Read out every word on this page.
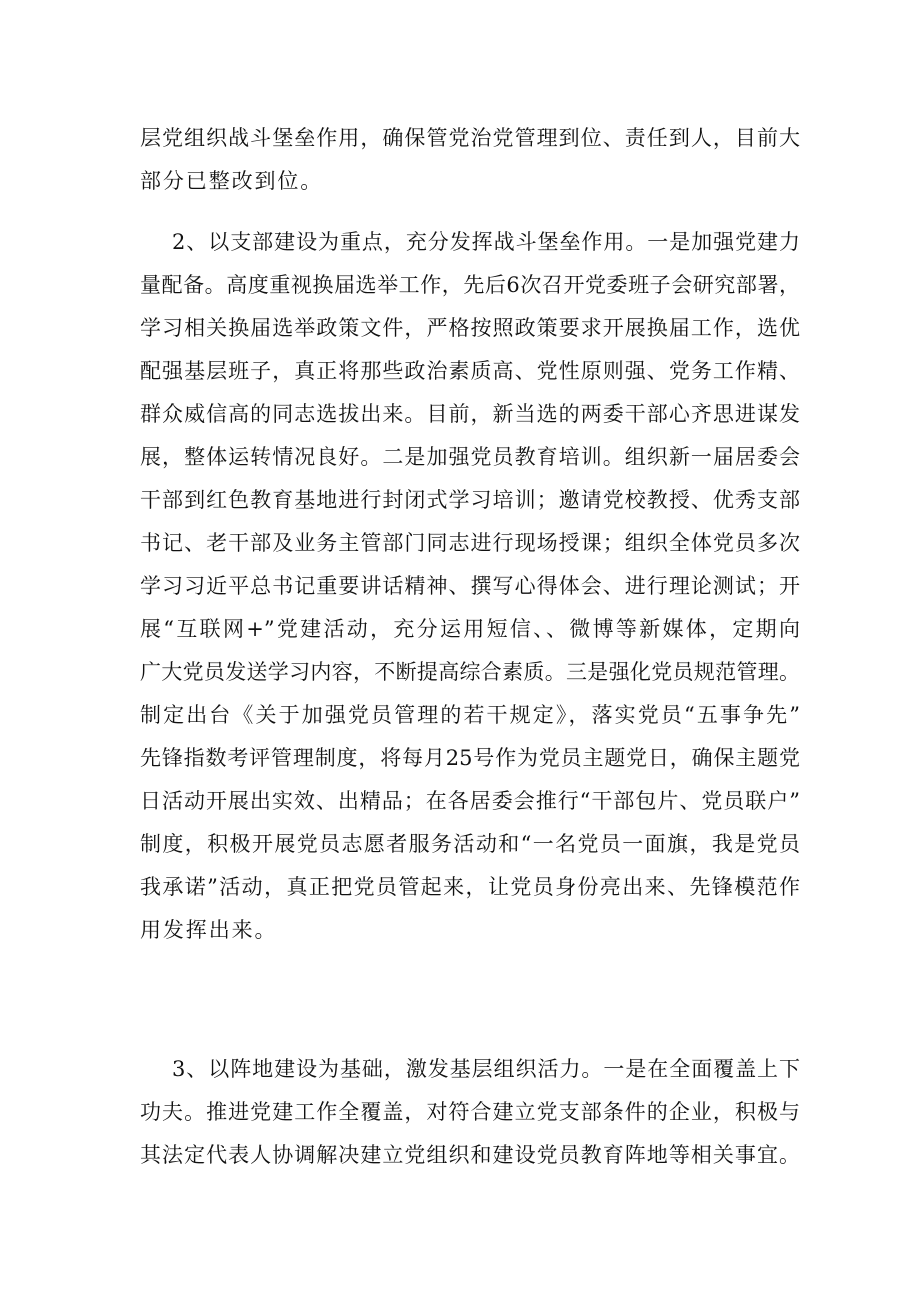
层党组织战斗堡垒作用，确保管党治党管理到位、责任到人，目前大
部分已整改到位。
2、以支部建设为重点，充分发挥战斗堡垒作用。一是加强党建力
量配备。高度重视换届选举工作，先后6次召开党委班子会研究部署，
学习相关换届选举政策文件，严格按照政策要求开展换届工作，选优
配强基层班子，真正将那些政治素质高、党性原则强、党务工作精、
群众威信高的同志选拔出来。目前，新当选的两委干部心齐思进谋发
展，整体运转情况良好。二是加强党员教育培训。组织新一届居委会
干部到红色教育基地进行封闭式学习培训；邀请党校教授、优秀支部
书记、老干部及业务主管部门同志进行现场授课；组织全体党员多次
学习习近平总书记重要讲话精神、撰写心得体会、进行理论测试；开
展“互联网+”党建活动，充分运用短信、、微博等新媒体，定期向
广大党员发送学习内容，不断提高综合素质。三是强化党员规范管理。
制定出台《关于加强党员管理的若干规定》，落实党员“五事争先”
先锋指数考评管理制度，将每月25号作为党员主题党日，确保主题党
日活动开展出实效、出精品；在各居委会推行“干部包片、党员联户”
制度，积极开展党员志愿者服务活动和“一名党员一面旗，我是党员
我承诺”活动，真正把党员管起来，让党员身份亮出来、先锋模范作
用发挥出来。
3、以阵地建设为基础，激发基层组织活力。一是在全面覆盖上下
功夫。推进党建工作全覆盖，对符合建立党支部条件的企业，积极与
其法定代表人协调解决建立党组织和建设党员教育阵地等相关事宜。
